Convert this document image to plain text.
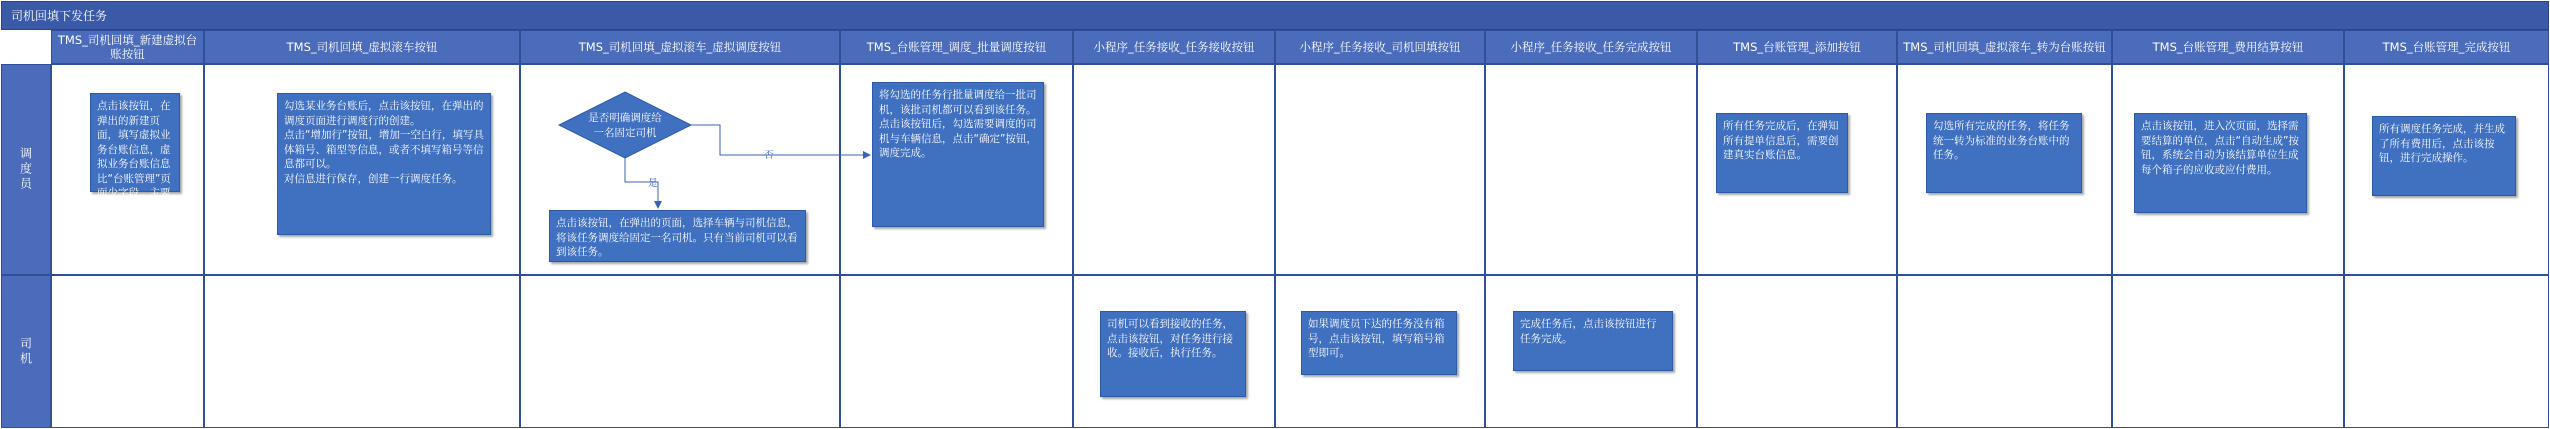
司机回填下发任务
TMS_司机回填_新建虚拟台账按钮	TMS_司机回填_虚拟滚车按钮	TMS_司机回填_虚拟滚车_虚拟调度按钮	TMS_台账管理_调度_批量调度按钮	小程序_任务接收_任务接收按钮	小程序_任务接收_司机回填按钮	小程序_任务接收_任务完成按钮	TMS_台账管理_添加按钮	TMS_司机回填_虚拟滚车_转为台账按钮	TMS_台账管理_费用结算按钮	TMS_台账管理_完成按钮
调度员
司机
是否明确调度给
一名固定司机
否
是
点击该按钮，在弹出的新建页面，填写虚拟业务台账信息，虚拟业务台账信息比“台账管理”页面少字段，主要为各种信息都确定。
勾选某业务台账后，点击该按钮，在弹出的调度页面进行调度行的创建。
点击“增加行”按钮，增加一空白行，填写具体箱号、箱型等信息，或者不填写箱号等信息都可以。
对信息进行保存，创建一行调度任务。
点击该按钮，在弹出的页面，选择车辆与司机信息，将该任务调度给固定一名司机。只有当前司机可以看到该任务。
将勾选的任务行批量调度给一批司机，该批司机都可以看到该任务。
点击该按钮后，勾选需要调度的司机与车辆信息，点击“确定”按钮，调度完成。
所有任务完成后，在弹知所有提单信息后，需要创建真实台账信息。
勾选所有完成的任务，将任务统一转为标准的业务台账中的任务。
点击该按钮，进入次页面，选择需要结算的单位，点击“自动生成”按钮，系统会自动为该结算单位生成每个箱子的应收或应付费用。
所有调度任务完成，并生成了所有费用后，点击该按钮，进行完成操作。
司机可以看到接收的任务，点击该按钮，对任务进行接收。接收后，执行任务。
如果调度员下达的任务没有箱号，点击该按钮，填写箱号箱型即可。
完成任务后，点击该按钮进行任务完成。
